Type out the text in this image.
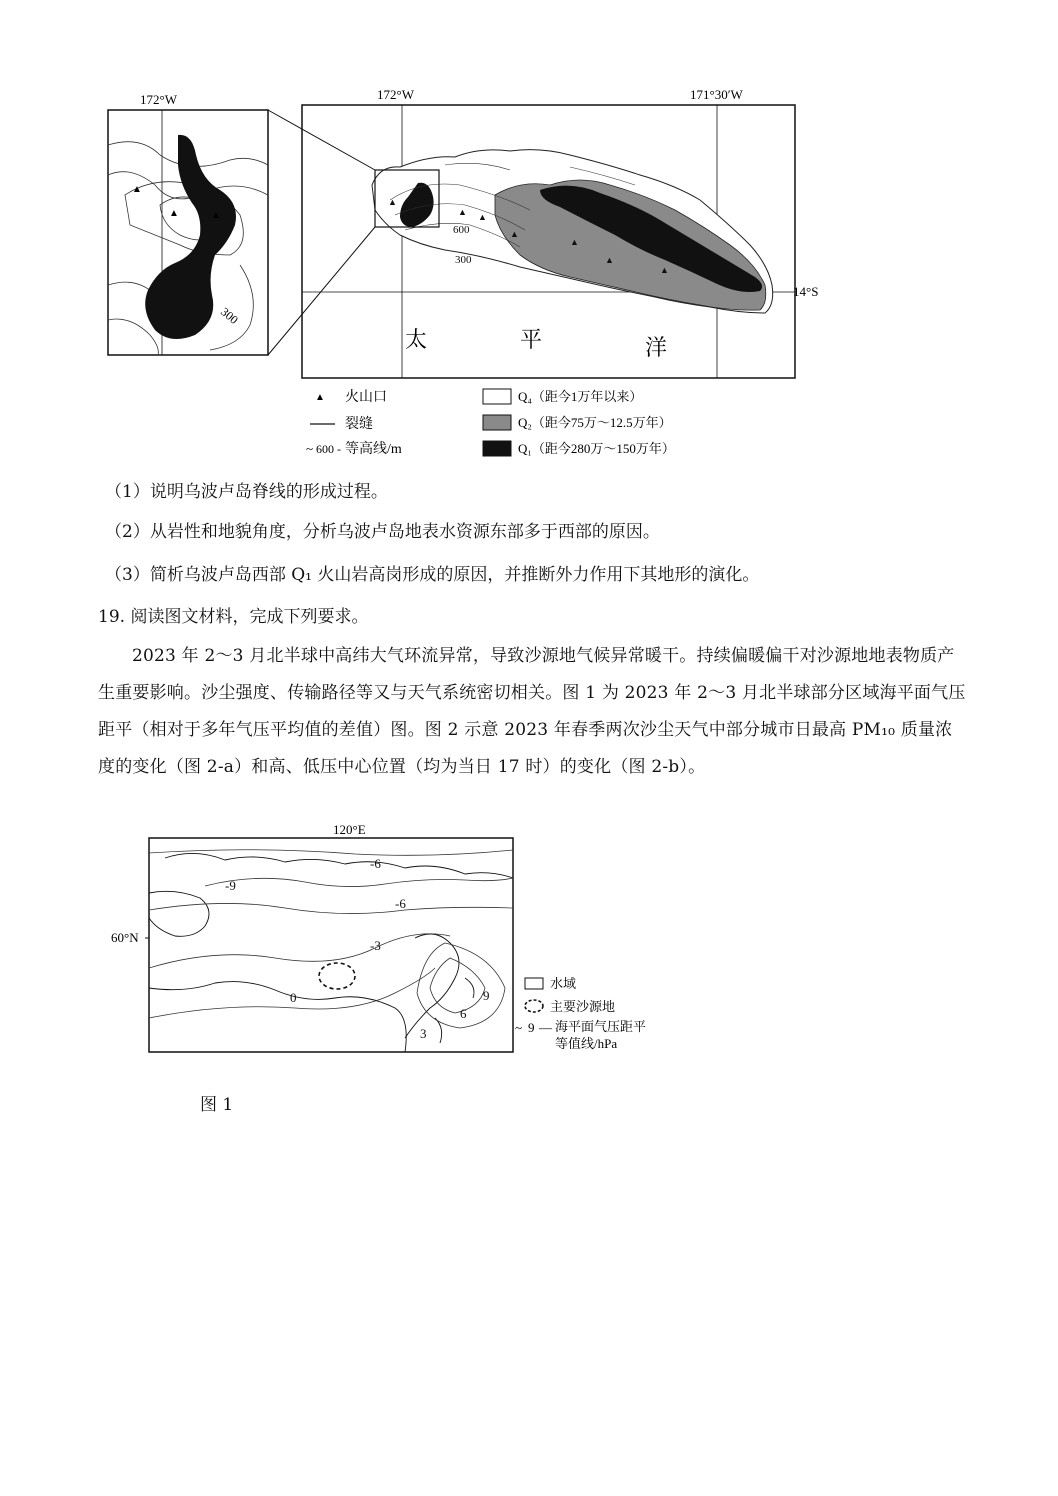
172°W
300
▲
▲	▲
172°W	171°30′W
14°S
600
300
▲
▲ ▲
▲
▲
▲
▲
▲
太	平	洋
▲ 火山口
裂缝
~ 600 - 等高线/m
Q₄（距今1万年以来）
Q₂（距今75万～12.5万年）
Q₁（距今280万～150万年）
（1）说明乌波卢岛脊线的形成过程。
（2）从岩性和地貌角度，分析乌波卢岛地表水资源东部多于西部的原因。
（3）简析乌波卢岛西部 Q₁ 火山岩高岗形成的原因，并推断外力作用下其地形的演化。
19. 阅读图文材料，完成下列要求。
2023 年 2～3 月北半球中高纬大气环流异常，导致沙源地气候异常暖干。持续偏暖偏干对沙源地地表物质产生重要影响。沙尘强度、传输路径等又与天气系统密切相关。图 1 为 2023 年 2～3 月北半球部分区域海平面气压距平（相对于多年气压平均值的差值）图。图 2 示意 2023 年春季两次沙尘天气中部分城市日最高 PM₁₀ 质量浓度的变化（图 2-a）和高、低压中心位置（均为当日 17 时）的变化（图 2-b）。
120°E
60°N
-6
-9
-6
-3
0
3
6
9
水域
主要沙源地
~ 9 — 海平面气压距平
等值线/hPa
图 1
